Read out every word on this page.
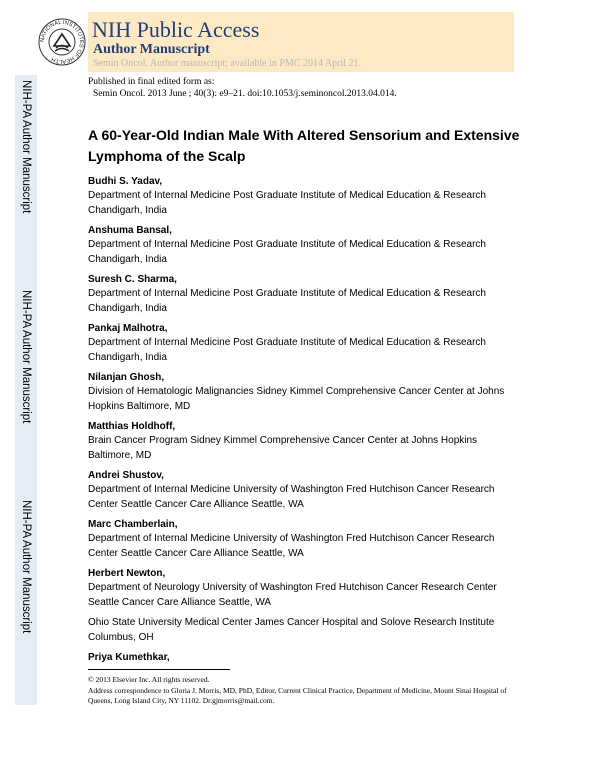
NIH-PA Author Manuscript
NIH-PA Author Manuscript
NIH-PA Author Manuscript
NATIONAL INSTITUTES OF HEALTH
NIH Public Access
Author Manuscript
Semin Oncol. Author manuscript; available in PMC 2014 April 21.
Published in final edited form as:
Semin Oncol. 2013 June ; 40(3): e9–21. doi:10.1053/j.seminoncol.2013.04.014.
A 60-Year-Old Indian Male With Altered Sensorium and Extensive Lymphoma of the Scalp
Budhi S. Yadav,
Department of Internal Medicine Post Graduate Institute of Medical Education & Research Chandigarh, India
Anshuma Bansal,
Department of Internal Medicine Post Graduate Institute of Medical Education & Research Chandigarh, India
Suresh C. Sharma,
Department of Internal Medicine Post Graduate Institute of Medical Education & Research Chandigarh, India
Pankaj Malhotra,
Department of Internal Medicine Post Graduate Institute of Medical Education & Research Chandigarh, India
Nilanjan Ghosh,
Division of Hematologic Malignancies Sidney Kimmel Comprehensive Cancer Center at Johns Hopkins Baltimore, MD
Matthias Holdhoff,
Brain Cancer Program Sidney Kimmel Comprehensive Cancer Center at Johns Hopkins Baltimore, MD
Andrei Shustov,
Department of Internal Medicine University of Washington Fred Hutchison Cancer Research Center Seattle Cancer Care Alliance Seattle, WA
Marc Chamberlain,
Department of Internal Medicine University of Washington Fred Hutchison Cancer Research Center Seattle Cancer Care Alliance Seattle, WA
Herbert Newton,
Department of Neurology University of Washington Fred Hutchison Cancer Research Center Seattle Cancer Care Alliance Seattle, WA
Ohio State University Medical Center James Cancer Hospital and Solove Research Institute Columbus, OH
Priya Kumethkar,
© 2013 Elsevier Inc. All rights reserved.
Address correspondence to Gloria J. Morris, MD, PhD, Editor, Current Clinical Practice, Department of Medicine, Mount Sinai Hospital of Queens, Long Island City, NY 11102. Dr.gjmorris@mail.com.
